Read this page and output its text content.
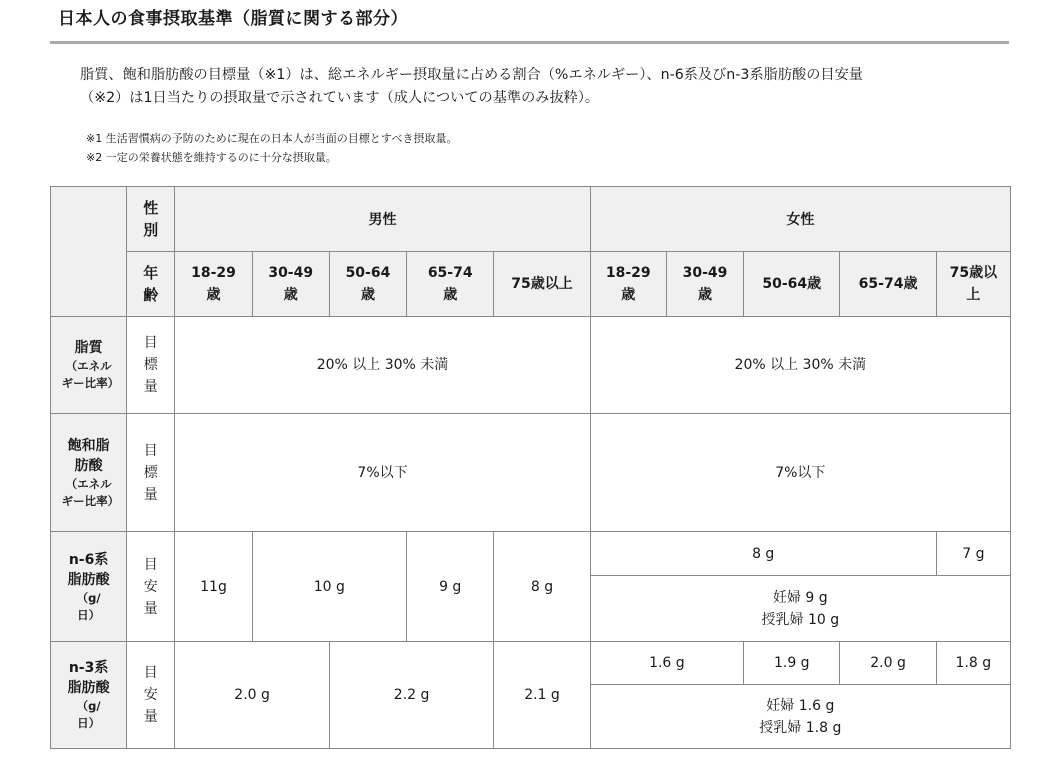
日本人の食事摂取基準（脂質に関する部分）
脂質、飽和脂肪酸の目標量（※1）は、総エネルギー摂取量に占める割合（%エネルギー）、n-6系及びn-3系脂肪酸の目安量
（※2）は1日当たりの摂取量で示されています（成人についての基準のみ抜粋）。
※1 生活習慣病の予防のために現在の日本人が当面の目標とすべき摂取量。
※2 一定の栄養状態を維持するのに十分な摂取量。
	性別	男性					女性				
	年齢	18-29歳	30-49歳	50-64歳	65-74歳	75歳以上	18-29歳	30-49歳	50-64歳	65-74歳	75歳以上

脂質
（エネルギー比率）	目標量	20% 以上 30% 未満					20% 以上 30% 未満				

飽和脂肪酸
（エネルギー比率）	目標量	7%以下					7%以下				

n-6系脂肪酸
（g/日）	目安量	11g	10 g		9 g	8 g	8 g				7 g

							妊婦 9 g
授乳婦 10 g				

n-3系脂肪酸
（g/日）	目安量	2.0 g		2.2 g		2.1 g	1.6 g		1.9 g	2.0 g	1.8 g

							妊婦 1.6 g
授乳婦 1.8 g				
